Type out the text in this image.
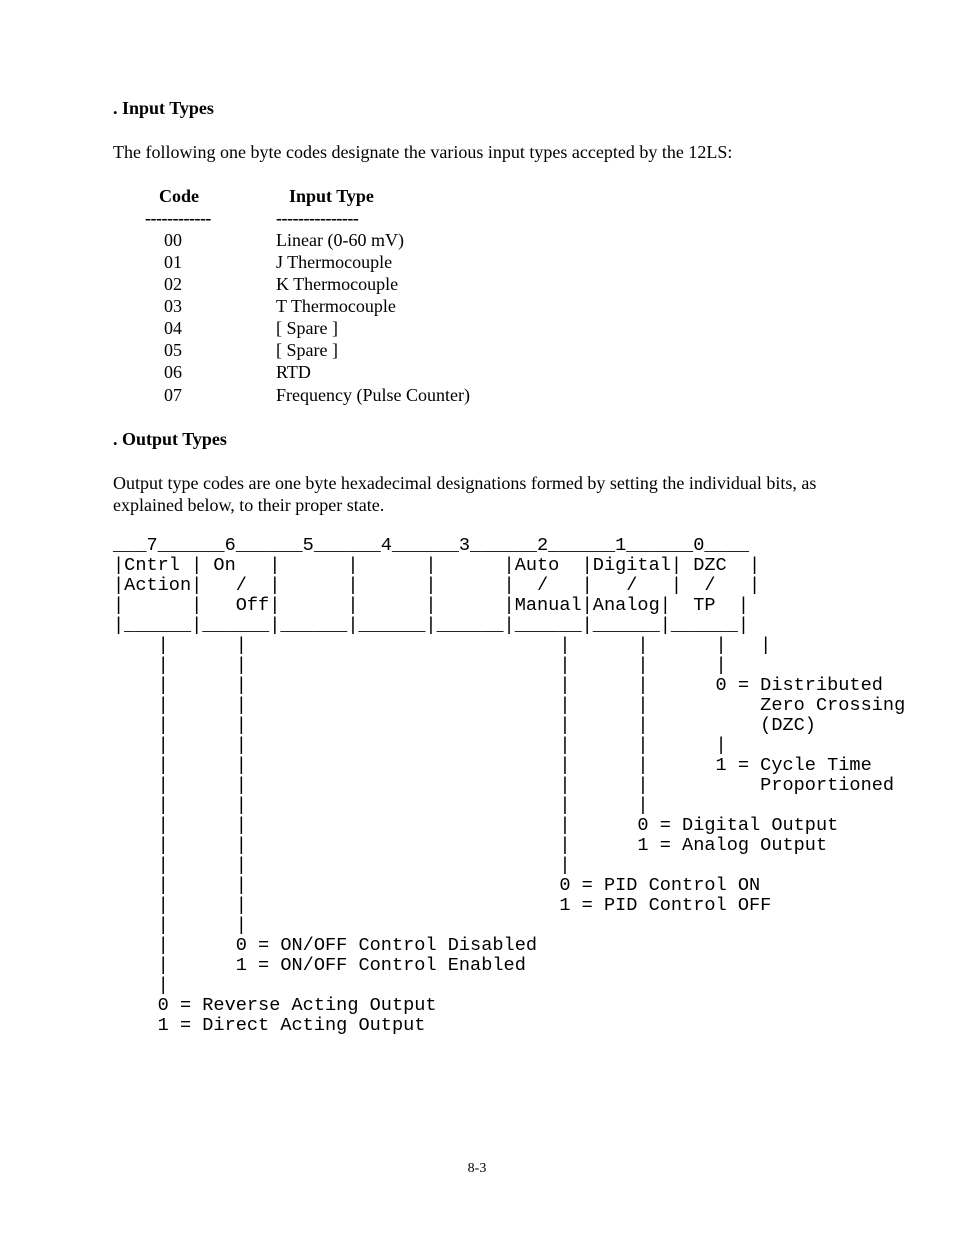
. Input Types

The following one byte codes designate the various input types accepted by the 12LS:

Code	Input Type
------------	---------------
00	Linear (0-60 mV)
01	J Thermocouple
02	K Thermocouple
03	T Thermocouple
04	[ Spare ]
05	[ Spare ]
06	RTD
07	Frequency (Pulse Counter)
. Output Types

Output type codes are one byte hexadecimal designations formed by setting the individual bits, as explained below, to their proper state.

___7______6______5______4______3______2______1______0____
|Cntrl | On   |      |      |      |Auto  |Digital| DZC  |
|Action|   /  |      |      |      |  /   |   /   |  /   |
|      |   Off|      |      |      |Manual|Analog|  TP  |
|______|______|______|______|______|______|______|______|
|      |                            |      |      |   |
|      |                            |      |      |
|      |                            |      |      0 = Distributed
|      |                            |      |          Zero Crossing
|      |                            |      |          (DZC)
|      |                            |      |      |
|      |                            |      |      1 = Cycle Time
|      |                            |      |          Proportioned
|      |                            |      |
|      |                            |      0 = Digital Output
|      |                            |      1 = Analog Output
|      |                            |
|      |                            0 = PID Control ON
|      |                            1 = PID Control OFF
|      |
|      0 = ON/OFF Control Disabled
|      1 = ON/OFF Control Enabled
|
0 = Reverse Acting Output
1 = Direct Acting Output
8-3
